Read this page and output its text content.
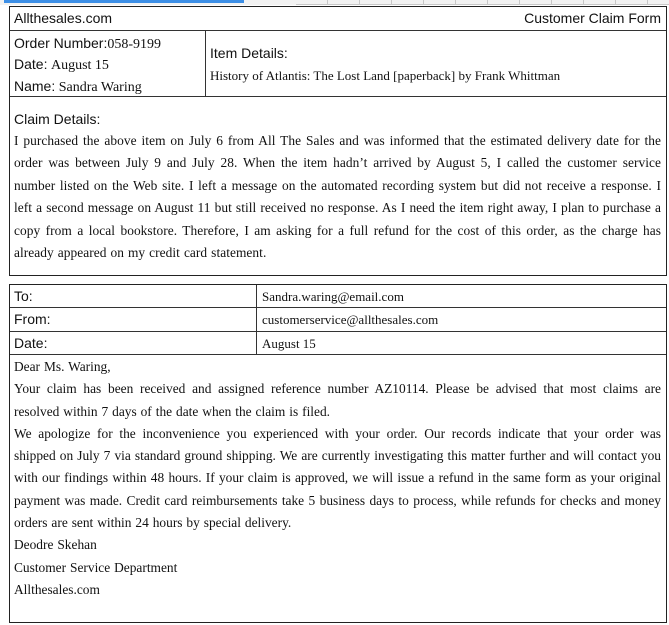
Allthesales.com	Customer Claim Form
Order Number:058-9199
Date: August 15
Name: Sandra Waring
Item Details:
History of Atlantis: The Lost Land [paperback] by Frank Whittman
Claim Details:
I purchased the above item on July 6 from All The Sales and was informed that the estimated delivery date for the order was between July 9 and July 28. When the item hadn’t arrived by August 5, I called the customer service number listed on the Web site. I left a message on the automated recording system but did not receive a response. I left a second message on August 11 but still received no response. As I need the item right away, I plan to purchase a copy from a local bookstore. Therefore, I am asking for a full refund for the cost of this order, as the charge has already appeared on my credit card statement.
To:	Sandra.waring@email.com
From:	customerservice@allthesales.com
Date:	August 15

Dear Ms. Waring,

Your claim has been received and assigned reference number AZ10114. Please be advised that most claims are resolved within 7 days of the date when the claim is filed.

We apologize for the inconvenience you experienced with your order. Our records indicate that your order was shipped on July 7 via standard ground shipping. We are currently investigating this matter further and will contact you with our findings within 48 hours. If your claim is approved, we will issue a refund in the same form as your original payment was made. Credit card reimbursements take 5 business days to process, while refunds for checks and money orders are sent within 24 hours by special delivery.

Deodre Skehan

Customer Service Department

Allthesales.com
